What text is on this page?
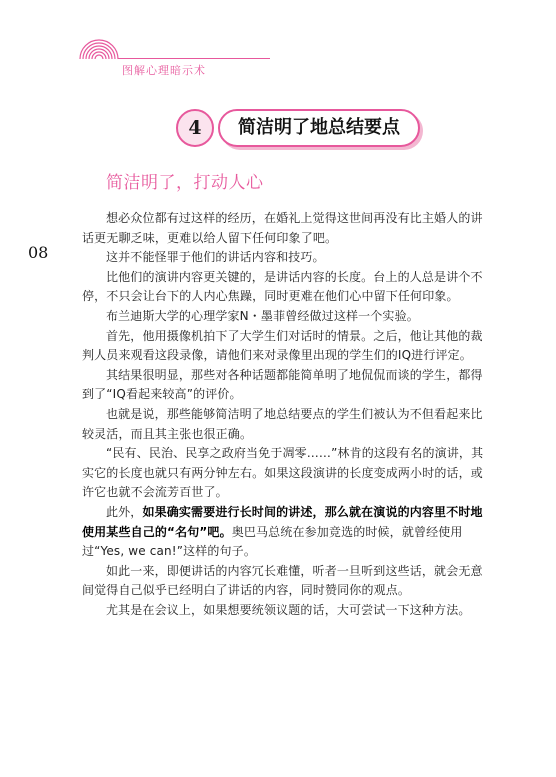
图解心理暗示术
4	简洁明了地总结要点
简洁明了，打动人心
08

想必众位都有过这样的经历，在婚礼上觉得这世间再没有比主婚人的讲话更无聊乏味，更难以给人留下任何印象了吧。

这并不能怪罪于他们的讲话内容和技巧。

比他们的演讲内容更关键的，是讲话内容的长度。台上的人总是讲个不停，不只会让台下的人内心焦躁，同时更难在他们心中留下任何印象。

布兰迪斯大学的心理学家N・墨菲曾经做过这样一个实验。

首先，他用摄像机拍下了大学生们对话时的情景。之后，他让其他的裁判人员来观看这段录像，请他们来对录像里出现的学生们的IQ进行评定。

其结果很明显，那些对各种话题都能简单明了地侃侃而谈的学生，都得到了“IQ看起来较高”的评价。

也就是说，那些能够简洁明了地总结要点的学生们被认为不但看起来比较灵活，而且其主张也很正确。

“民有、民治、民享之政府当免于凋零……”林肯的这段有名的演讲，其实它的长度也就只有两分钟左右。如果这段演讲的长度变成两小时的话，或许它也就不会流芳百世了。

此外，如果确实需要进行长时间的讲述，那么就在演说的内容里不时地使用某些自己的“名句”吧。奥巴马总统在参加竞选的时候，就曾经使用过“Yes, we can!”这样的句子。

如此一来，即便讲话的内容冗长难懂，听者一旦听到这些话，就会无意间觉得自己似乎已经明白了讲话的内容，同时赞同你的观点。

尤其是在会议上，如果想要统领议题的话，大可尝试一下这种方法。
